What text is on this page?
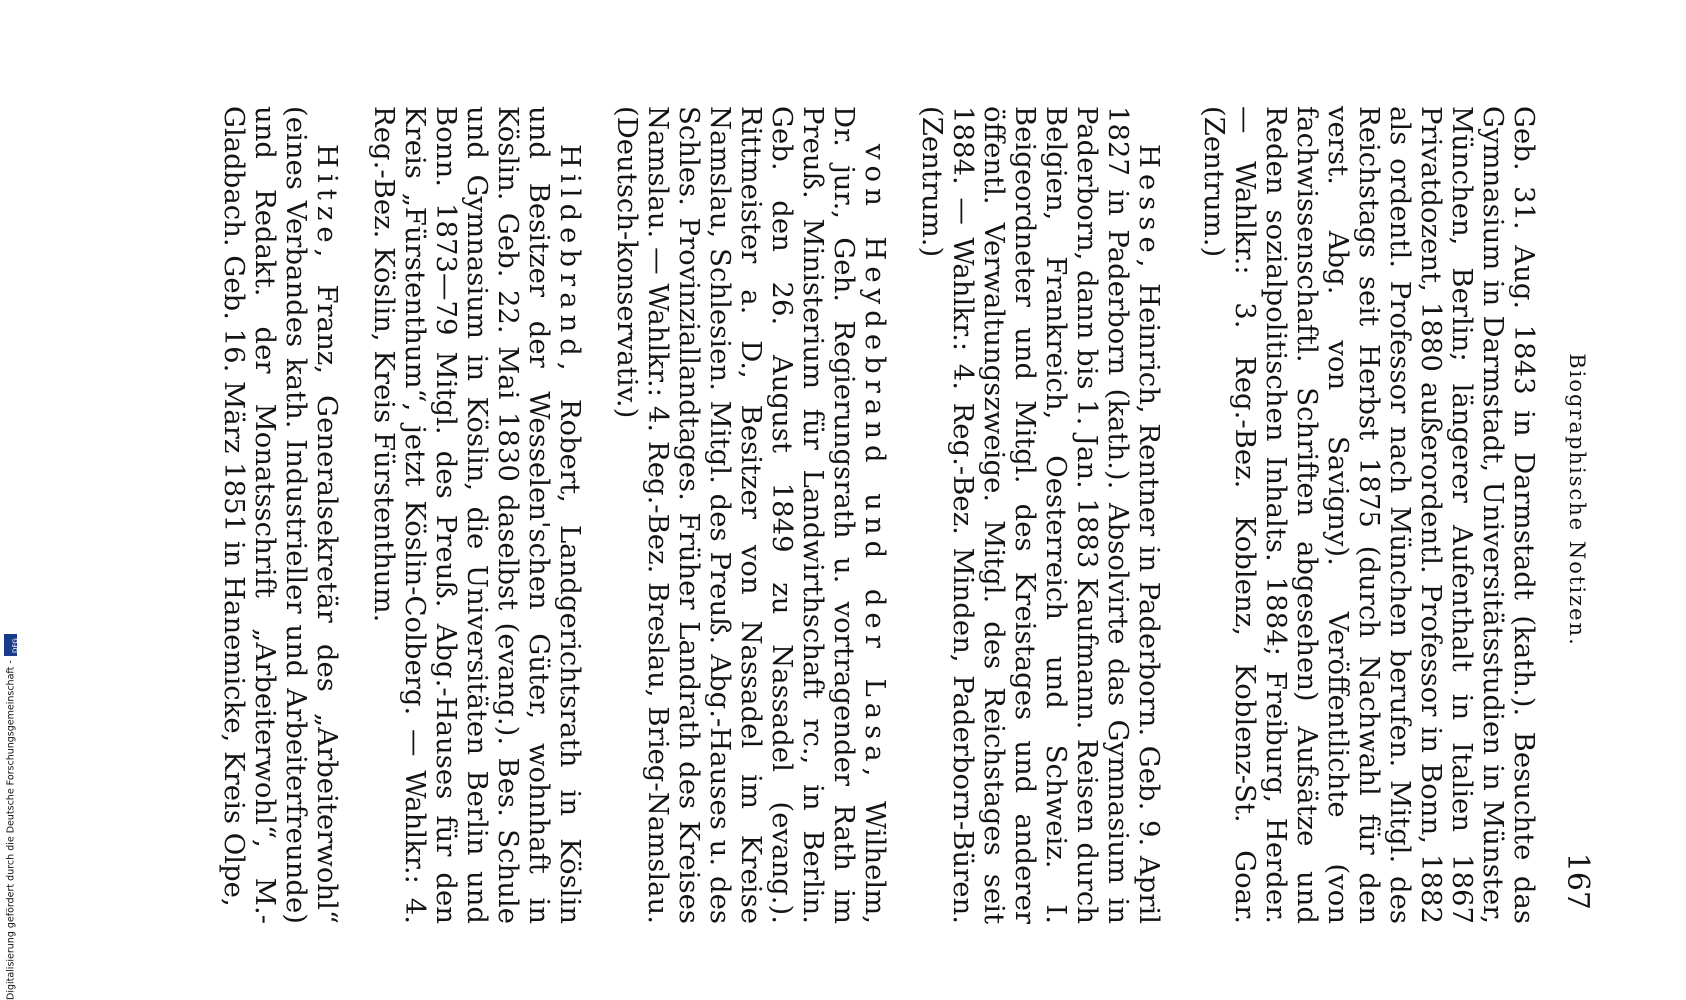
Biographische Notizen.
167

Geb. 31. Aug. 1843 in Darmstadt (kath.). Besuchte das Gymnasium in Darmstadt, Universitätsstudien in Münster, München, Berlin; längerer Aufenthalt in Italien 1867 Privatdozent, 1880 außerordentl. Professor in Bonn, 1882 als ordentl. Professor nach München berufen. Mitgl. des Reichstags seit Herbst 1875 (durch Nachwahl für den verst. Abg. von Savigny). Veröffentlichte (von fachwissenschaftl. Schriften abgesehen) Aufsätze und Reden sozialpolitischen Inhalts. 1884; Freiburg, Herder. — Wahlkr.: 3. Reg.-Bez. Koblenz, Koblenz-St. Goar. (Zentrum.)

Hesse, Heinrich, Rentner in Paderborn. Geb. 9. April 1827 in Paderborn (kath.). Absolvirte das Gymnasium in Paderborn, dann bis 1. Jan. 1883 Kaufmann. Reisen durch Belgien, Frankreich, Oesterreich und Schweiz. I. Beigeordneter und Mitgl. des Kreistages und anderer öffentl. Verwaltungszweige. Mitgl. des Reichstages seit 1884. — Wahlkr.: 4. Reg.-Bez. Minden, Paderborn-Büren. (Zentrum.)

von Heydebrand und der Lasa, Wilhelm, Dr. jur., Geh. Regierungsrath u. vortragender Rath im Preuß. Ministerium für Landwirthschaft rc., in Berlin. Geb. den 26. August 1849 zu Nassadel (evang.). Rittmeister a. D., Besitzer von Nassadel im Kreise Namslau, Schlesien. Mitgl. des Preuß. Abg.-Hauses u. des Schles. Provinziallandtages. Früher Landrath des Kreises Namslau. — Wahlkr.: 4. Reg.-Bez. Breslau, Brieg-Namslau. (Deutsch-konservativ.)

Hildebrand, Robert, Landgerichtsrath in Köslin und Besitzer der Wesselen'schen Güter, wohnhaft in Köslin. Geb. 22. Mai 1830 daselbst (evang.). Bes. Schule und Gymnasium in Köslin, die Universitäten Berlin und Bonn. 1873—79 Mitgl. des Preuß. Abg.-Hauses für den Kreis „Fürstenthum“, jetzt Köslin-Colberg. — Wahlkr.: 4. Reg.-Bez. Köslin, Kreis Fürstenthum.

Hitze, Franz, Generalsekretär des „Arbeiterwohl“ (eines Verbandes kath. Industrieller und Arbeiterfreunde) und Redakt. der Monatsschrift „Arbeiterwohl“, M.-Gladbach. Geb. 16. März 1851 in Hanemicke, Kreis Olpe,

Digitalisierung gefördert durch die Deutsche Forschungsgemeinschaft -
DFG
